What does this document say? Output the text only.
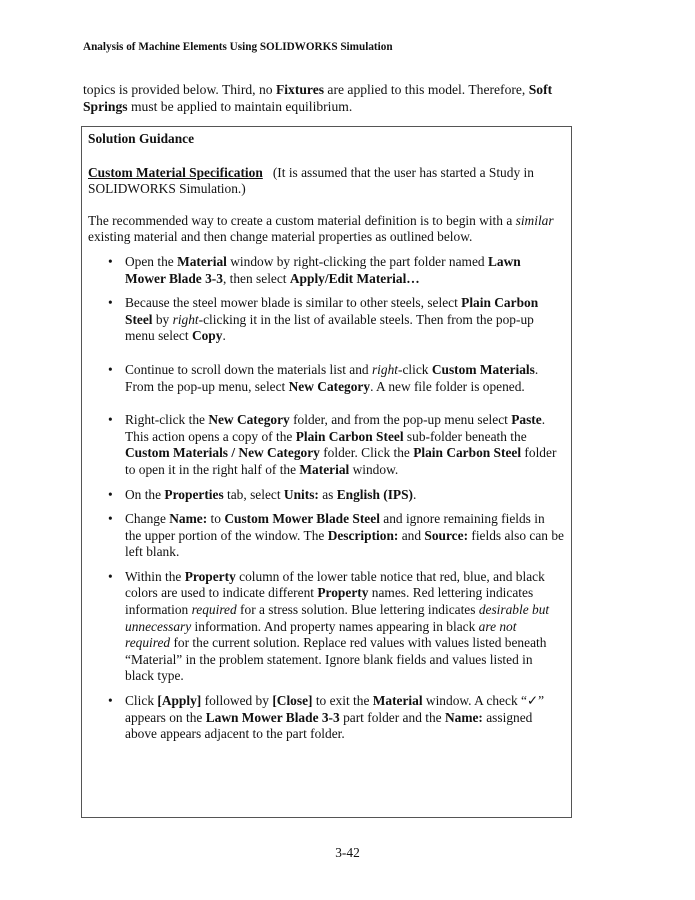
Analysis of Machine Elements Using SOLIDWORKS Simulation

topics is provided below. Third, no Fixtures are applied to this model. Therefore, Soft Springs must be applied to maintain equilibrium.

Solution Guidance

Custom Material Specification   (It is assumed that the user has started a Study in SOLIDWORKS Simulation.)

The recommended way to create a custom material definition is to begin with a similar existing material and then change material properties as outlined below.

• Open the Material window by right-clicking the part folder named Lawn Mower Blade 3-3, then select Apply/Edit Material…
• Because the steel mower blade is similar to other steels, select Plain Carbon Steel by right-clicking it in the list of available steels. Then from the pop-up menu select Copy.
• Continue to scroll down the materials list and right-click Custom Materials. From the pop-up menu, select New Category. A new file folder is opened.
• Right-click the New Category folder, and from the pop-up menu select Paste. This action opens a copy of the Plain Carbon Steel sub-folder beneath the Custom Materials / New Category folder. Click the Plain Carbon Steel folder to open it in the right half of the Material window.
• On the Properties tab, select Units: as English (IPS).
• Change Name: to Custom Mower Blade Steel and ignore remaining fields in the upper portion of the window. The Description: and Source: fields also can be left blank.
• Within the Property column of the lower table notice that red, blue, and black colors are used to indicate different Property names. Red lettering indicates information required for a stress solution. Blue lettering indicates desirable but unnecessary information. And property names appearing in black are not required for the current solution. Replace red values with values listed beneath “Material” in the problem statement. Ignore blank fields and values listed in black type.
• Click [Apply] followed by [Close] to exit the Material window. A check “✓” appears on the Lawn Mower Blade 3-3 part folder and the Name: assigned above appears adjacent to the part folder.
3-42
